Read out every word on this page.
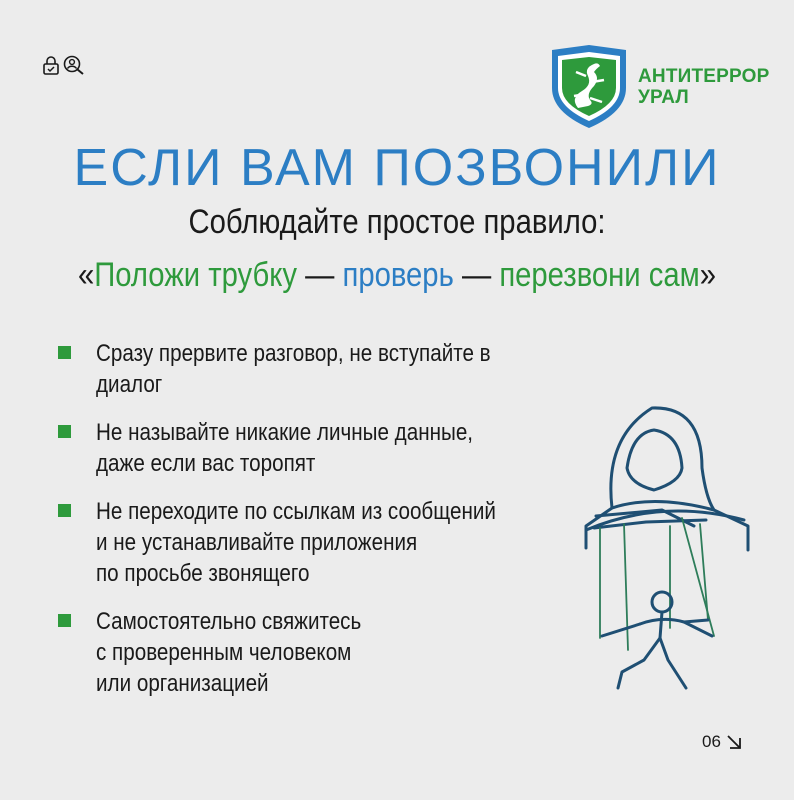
АНТИТЕРРОР
УРАЛ
ЕСЛИ ВАМ ПОЗВОНИЛИ
Соблюдайте простое правило:
«Положи трубку — проверь — перезвони сам»
Сразу прервите разговор, не вступайте в диалог
Не называйте никакие личные данные,
даже если вас торопят
Не переходите по ссылкам из сообщений
и не устанавливайте приложения
по просьбе звонящего
Самостоятельно свяжитесь
с проверенным человеком
или организацией
06
